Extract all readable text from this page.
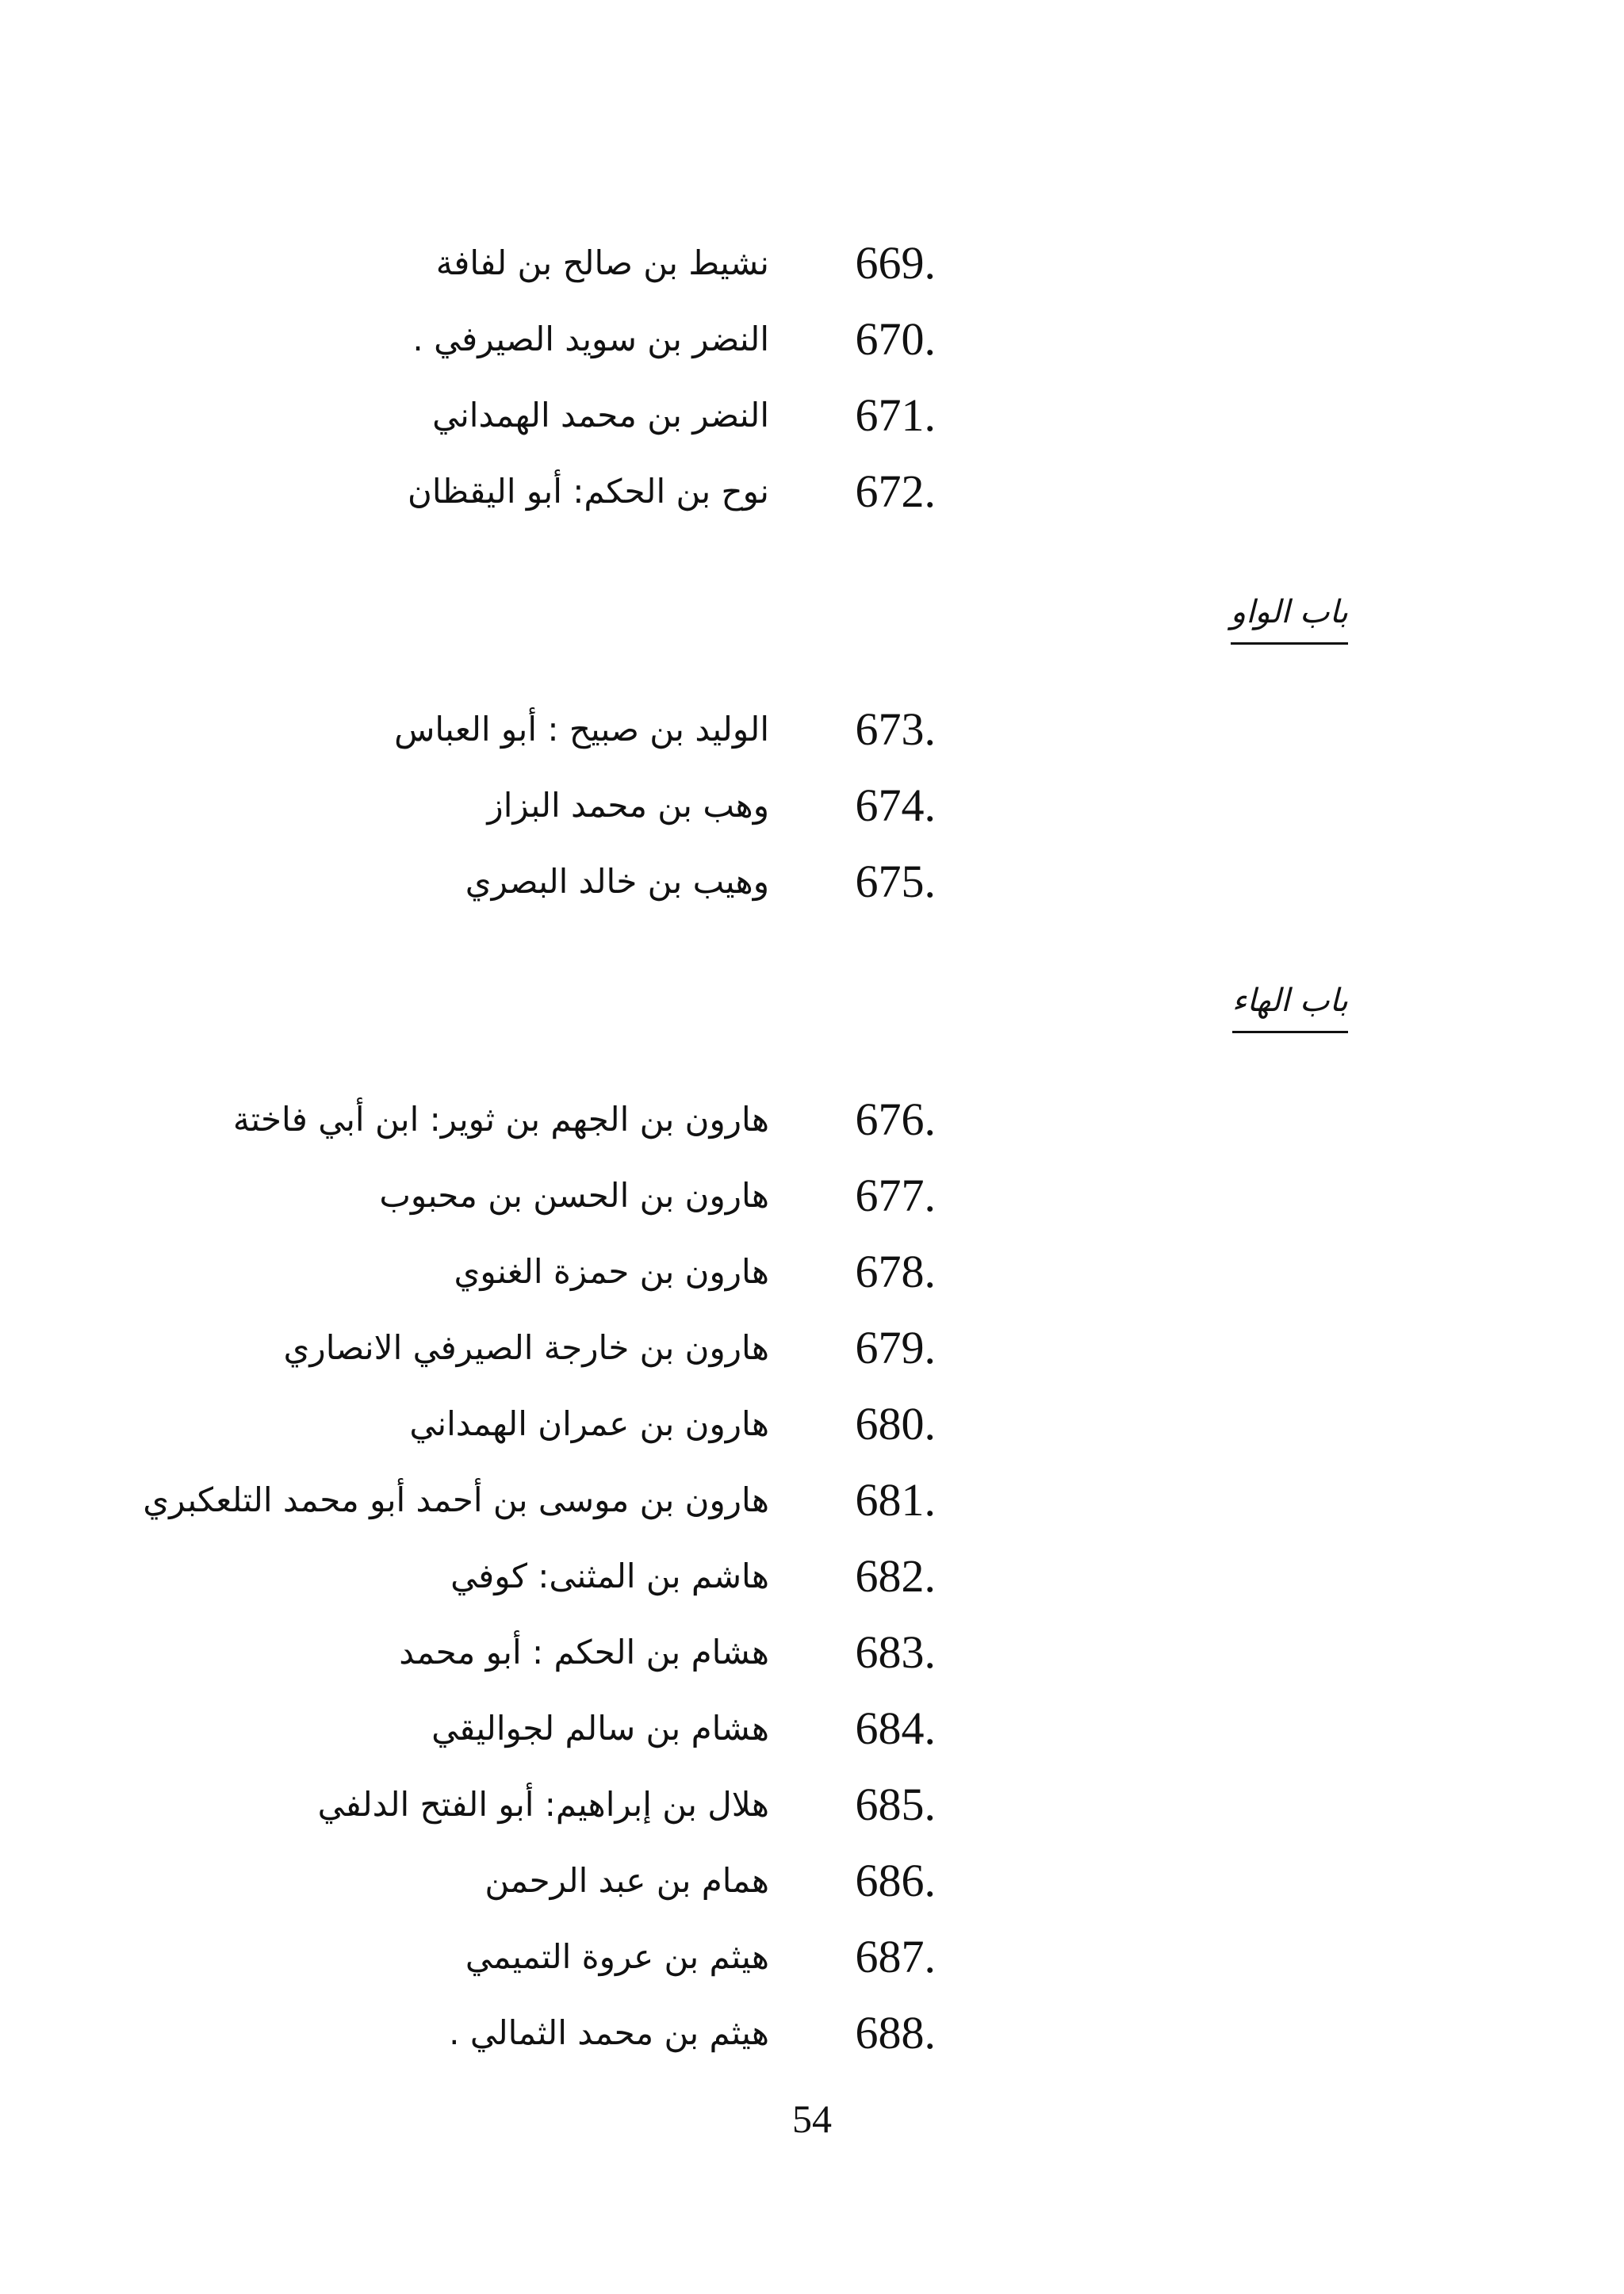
669.
نشيط بن صالح بن لفافة
670.
النضر بن سويد الصيرفي .
671.
النضر بن محمد الهمداني
672.
نوح بن الحكم: أبو اليقظان
باب الواو
673.
الوليد بن صبيح : أبو العباس
674.
وهب بن محمد البزاز
675.
وهيب بن خالد البصري
باب الهاء
676.
هارون بن الجهم بن ثوير: ابن أبي فاختة
677.
هارون بن الحسن بن محبوب
678.
هارون بن حمزة الغنوي
679.
هارون بن خارجة الصيرفي الانصاري
680.
هارون بن عمران الهمداني
681.
هارون بن موسى بن أحمد أبو محمد التلعكبري
682.
هاشم بن المثنى: كوفي
683.
هشام بن الحكم : أبو محمد
684.
هشام بن سالم لجواليقي
685.
هلال بن إبراهيم: أبو الفتح الدلفي
686.
همام بن عبد الرحمن
687.
هيثم بن عروة التميمي
688.
هيثم بن محمد الثمالي .
54
